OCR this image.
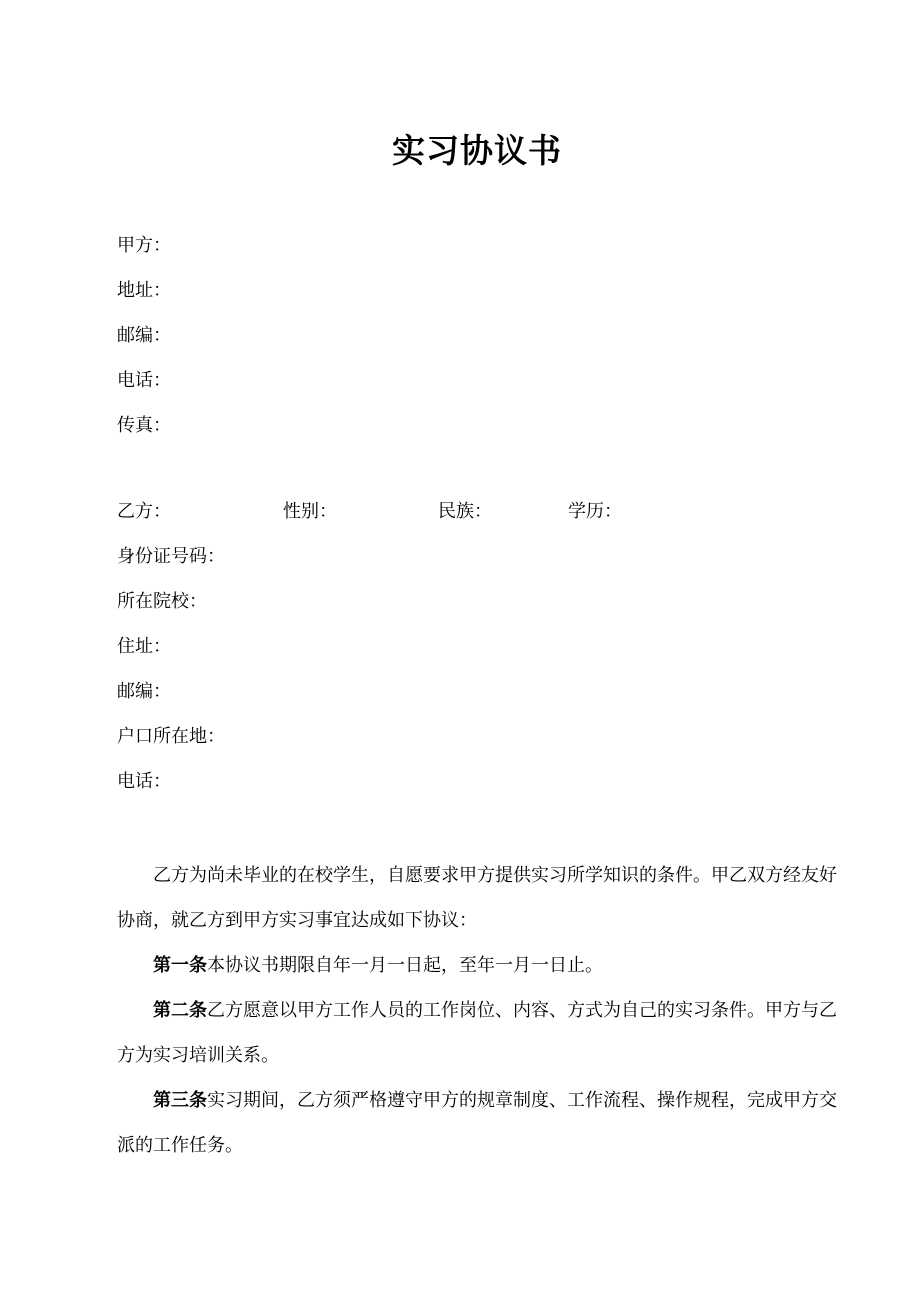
实习协议书
甲方：
地址：
邮编：
电话：
传真：
乙方：	性别：	民族：	学历：
身份证号码：
所在院校：
住址：
邮编：
户口所在地：
电话：

乙方为尚未毕业的在校学生，自愿要求甲方提供实习所学知识的条件。甲乙双方经友好协商，就乙方到甲方实习事宜达成如下协议：

第一条本协议书期限自年一月一日起，至年一月一日止。

第二条乙方愿意以甲方工作人员的工作岗位、内容、方式为自己的实习条件。甲方与乙方为实习培训关系。

第三条实习期间，乙方须严格遵守甲方的规章制度、工作流程、操作规程，完成甲方交派的工作任务。
